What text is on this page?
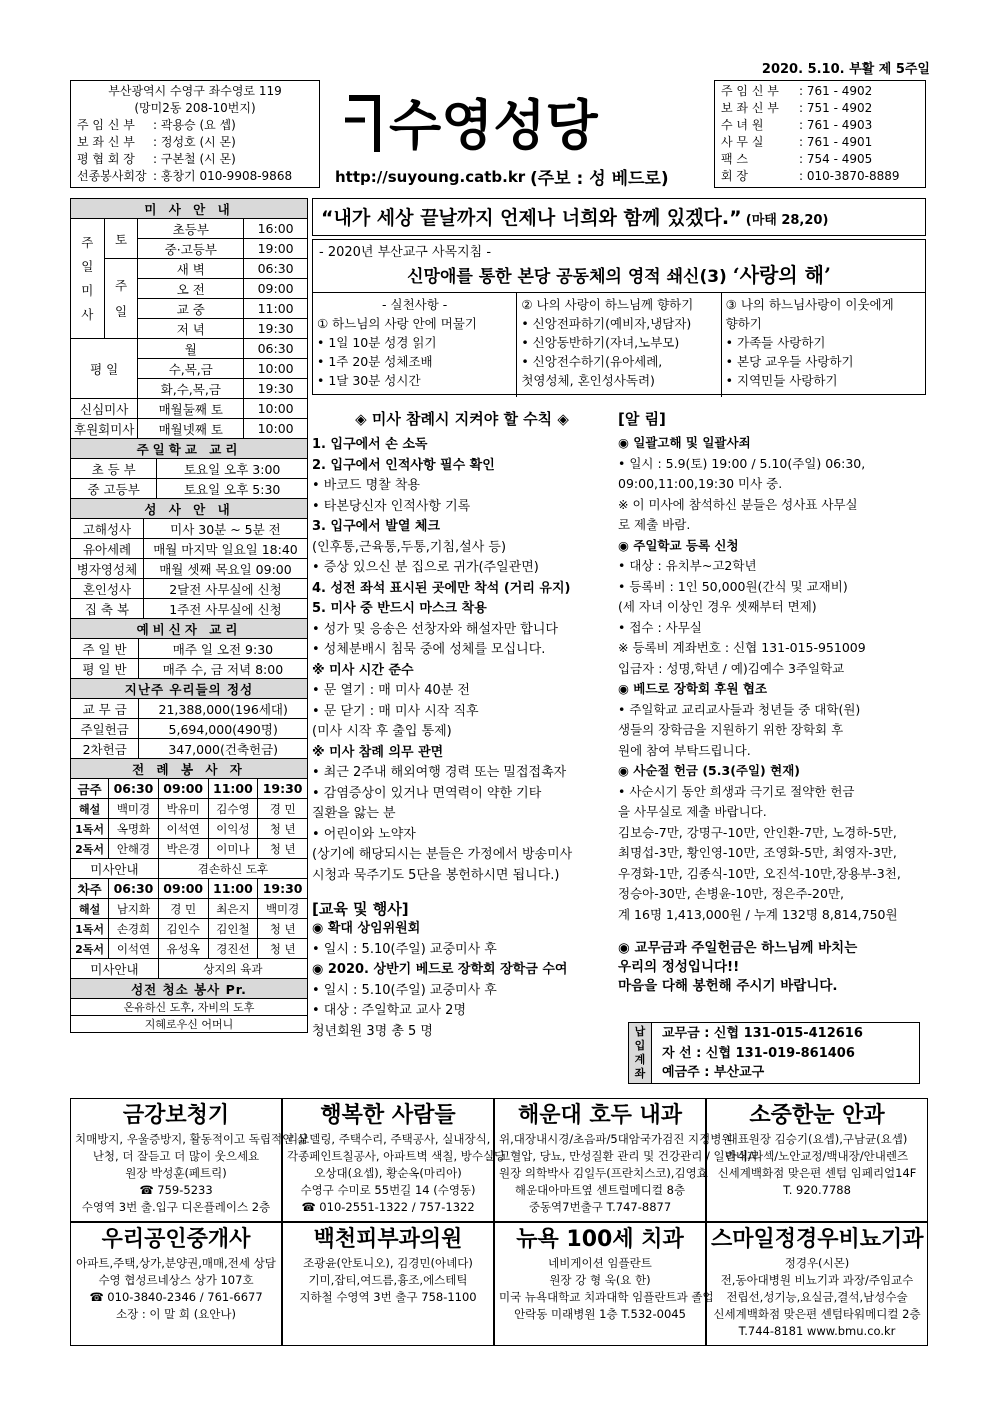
2020. 5.10. 부활 제 5주일
부산광역시 수영구 좌수영로 119
(망미2동 208-10번지)
주 임 신 부	: 곽용승 (요 셉)
보 좌 신 부	: 정성호 (시 몬)
평 협 회 장	: 구본철 (시 몬)
선종봉사회장 : 홍창기 010-9908-9868
수영성당
http://suyoung.catb.kr (주보 : 성 베드로)
주 임 신 부	: 761 - 4902
보 좌 신 부	: 751 - 4902
수 녀 원	: 761 - 4903
사 무 실	: 761 - 4901
팩 스	: 754 - 4905
회 장	: 010-3870-8889
미 사 안 내			
주
일
미
사	토	초등부	16:00
		중·고등부	19:00
	주
일	새 벽	06:30
		오 전	09:00
		교 중	11:00
		저 녁	19:30
평 일		월	06:30
		수,목,금	10:00
		화,수,목,금	19:30
신심미사		매월둘째 토	10:00
후원회미사		매월넷째 토	10:00
주일학교 교리	
초 등 부	토요일 오후 3:00
중 고등부	토요일 오후 5:30
성 사 안 내	
고해성사	미사 30분 ~ 5분 전
유아세례	매월 마지막 일요일 18:40
병자영성체	매월 셋째 목요일 09:00
혼인성사	2달전 사무실에 신청
집 축 복	1주전 사무실에 신청
예비신자 교리	
주 일 반	매주 일 오전 9:30
평 일 반	매주 수, 금 저녁 8:00
지난주 우리들의 정성	
교 무 금	21,388,000(196세대)
주일헌금	5,694,000(490명)
2차헌금	347,000(건축헌금)
전 례 봉 사 자				
금주	06:30	09:00	11:00	19:30
해설	백미경	박유미	김수영	경 민
1독서	옥명화	이석연	이익성	청 년
2독서	안해경	박은경	이미나	청 년
미사안내		겸손하신 도후		
차주	06:30	09:00	11:00	19:30
해설	남지화	경 민	최은지	백미경
1독서	손경희	김인수	김인철	청 년
2독서	이석연	유성옥	경진선	청 년
미사안내		상지의 육과		
성전 청소 봉사 Pr.
온유하신 도후, 자비의 도후
지혜로우신 어머니
“내가 세상 끝날까지 언제나 너희와 함께 있겠다.” (마태 28,20)
- 2020년 부산교구 사목지침 -
신망애를 통한 본당 공동체의 영적 쇄신(3) ‘사랑의 해’
- 실천사항 -
① 하느님의 사랑 안에 머물기
• 1일 10분 성경 읽기
• 1주 20분 성체조배
• 1달 30분 성시간
② 나의 사랑이 하느님께 향하기
• 신앙전파하기(예비자,냉담자)
• 신앙동반하기(자녀,노부모)
• 신앙전수하기(유아세례,
첫영성체, 혼인성사독려)
③ 나의 하느님사랑이 이웃에게
향하기
• 가족들 사랑하기
• 본당 교우들 사랑하기
• 지역민들 사랑하기
◈ 미사 참례시 지켜야 할 수칙 ◈
1. 입구에서 손 소독
2. 입구에서 인적사항 필수 확인
• 바코드 명찰 착용
• 타본당신자 인적사항 기록
3. 입구에서 발열 체크
(인후통,근육통,두통,기침,설사 등)
• 증상 있으신 분 집으로 귀가(주일관면)
4. 성전 좌석 표시된 곳에만 착석 (거리 유지)
5. 미사 중 반드시 마스크 착용
• 성가 및 응송은 선창자와 해설자만 합니다
• 성체분배시 침묵 중에 성체를 모십니다.
※ 미사 시간 준수
• 문 열기 : 매 미사 40분 전
• 문 닫기 : 매 미사 시작 직후
(미사 시작 후 출입 통제)
※ 미사 참례 의무 관면
• 최근 2주내 해외여행 경력 또는 밀접접촉자
• 감염증상이 있거나 면역력이 약한 기타
질환을 앓는 분
• 어린이와 노약자
(상기에 해당되시는 분들은 가정에서 방송미사
시청과 묵주기도 5단을 봉헌하시면 됩니다.)
[교육 및 행사]
◉ 확대 상임위원회
• 일시 : 5.10(주일) 교중미사 후
◉ 2020. 상반기 베드로 장학회 장학금 수여
• 일시 : 5.10(주일) 교중미사 후
• 대상 : 주일학교 교사 2명
청년회원 3명 총 5 명
[알 림]
◉ 일괄고해 및 일괄사죄
• 일시 : 5.9(토) 19:00 / 5.10(주일) 06:30,
09:00,11:00,19:30 미사 중.
※ 이 미사에 참석하신 분들은 성사표 사무실
로 제출 바람.
◉ 주일학교 등록 신청
• 대상 : 유치부~고2학년
• 등록비 : 1인 50,000원(간식 및 교재비)
(세 자녀 이상인 경우 셋째부터 면제)
• 접수 : 사무실
※ 등록비 계좌번호 : 신협 131-015-951009
입금자 : 성명,학년 / 예)김예수 3주일학교
◉ 베드로 장학회 후원 협조
• 주일학교 교리교사들과 청년들 중 대학(원)
생들의 장학금을 지원하기 위한 장학회 후
원에 참여 부탁드립니다.
◉ 사순절 헌금 (5.3(주일) 현재)
• 사순시기 동안 희생과 극기로 절약한 헌금
을 사무실로 제출 바랍니다.
김보승-7만, 강명구-10만, 안인환-7만, 노경하-5만,
최명섭-3만, 황인영-10만, 조영화-5만, 최영자-3만,
우경화-1만, 김종식-10만, 오진석-10만,장용부-3천,
정승아-30만, 손병윤-10만, 정은주-20만,
계 16명 1,413,000원 / 누계 132명 8,814,750원
◉ 교무금과 주일헌금은 하느님께 바치는
우리의 정성입니다!!
마음을 다해 봉헌해 주시기 바랍니다.
납
입
계
좌
교무금 : 신협 131-015-412616
자 선 : 신협 131-019-861406
예금주 : 부산교구
금강보청기
치매방지, 우울증방지, 활동적이고 독립적인 삶
난청, 더 잘듣고 더 많이 웃으세요
원장 박성훈(페트릭)
☎ 759-5233
수영역 3번 출.입구 디온플레이스 2층
행복한 사람들
리모델링, 주택수리, 주택공사, 실내장식,
각종페인트칠공사, 아파트벽 색칠, 방수실당
오상대(요셉), 황순옥(마리아)
수영구 수미로 55번길 14 (수영동)
☎ 010-2551-1322 / 757-1322
해운대 호두 내과
위,대장내시경/초음파/5대암국가검진 지정병원
고혈압, 당뇨, 만성질환 관리 및 건강관리 / 일반내과
원장 의학박사 김일두(프란치스코),김영효
해운대아마트옆 센트럴메디컬 8층
중동역7번출구 T.747-8877
소중한눈 안과
대표원장 김승기(요셉),구남균(요셉)
라식/라섹/노안교정/백내장/안내렌즈
신세계백화점 맞은편 센텀 임페리얼14F
T. 920.7788
우리공인중개사
아파트,주택,상가,분양권,매매,전세 상담
수영 협성르네상스 상가 107호
☎ 010-3840-2346 / 761-6677
소장 : 이 말 희 (요안나)
백천피부과의원
조광윤(안토니오), 김경민(아녜다)
기미,잡티,여드름,흉조,에스테틱
지하철 수영역 3번 출구 758-1100
뉴욕 100세 치과
네비게이션 임플란트
원장 강 형 욱(요 한)
미국 뉴욕대학교 치과대학 임플란트과 졸업
안락동 미래병원 1층 T.532-0045
스마일정경우비뇨기과
정경우(시몬)
전,동아대병원 비뇨기과 과장/주임교수
전립선,성기능,요실금,결석,남성수술
신세계백화점 맞은편 센텀타워메디컬 2층
T.744-8181 www.bmu.co.kr
